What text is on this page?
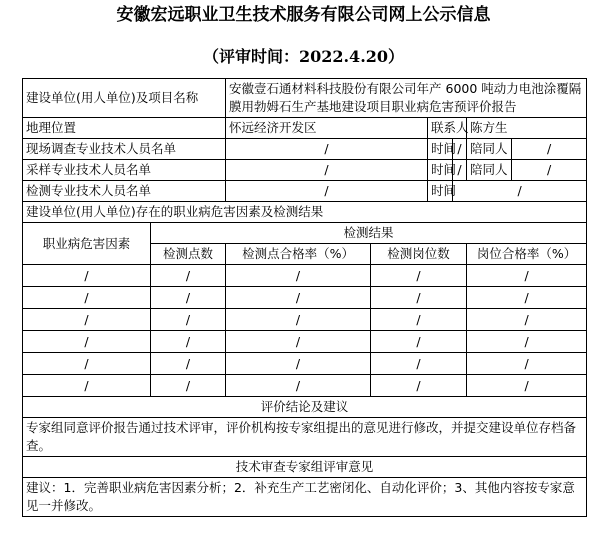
安徽宏远职业卫生技术服务有限公司网上公示信息
（评审时间：2022.4.20）
建设单位(用人单位)及项目名称		安徽壹石通材料科技股份有限公司年产 6000 吨动力电池涂覆隔膜用勃姆石生产基地建设项目职业病危害预评价报告					
地理位置		怀远经济开发区		联系人		陈方生	
现场调查专业技术人员名单		/		时间	/	陪同人	/
采样专业技术人员名单		/		时间	/	陪同人	/
检测专业技术人员名单		/		时间	/		
建设单位(用人单位)存在的职业病危害因素及检测结果							
职业病危害因素	检测结果						
	检测点数	检测点合格率（%）	检测岗位数			岗位合格率（%）	
/	/	/	/			/	
/	/	/	/			/	
/	/	/	/			/	
/	/	/	/			/	
/	/	/	/			/	
/	/	/	/			/	
评价结论及建议							
专家组同意评价报告通过技术评审，评价机构按专家组提出的意见进行修改，并提交建设单位存档备查。							
技术审查专家组评审意见							
建议：1．完善职业病危害因素分析；2．补充生产工艺密闭化、自动化评价；3、其他内容按专家意见一并修改。							
